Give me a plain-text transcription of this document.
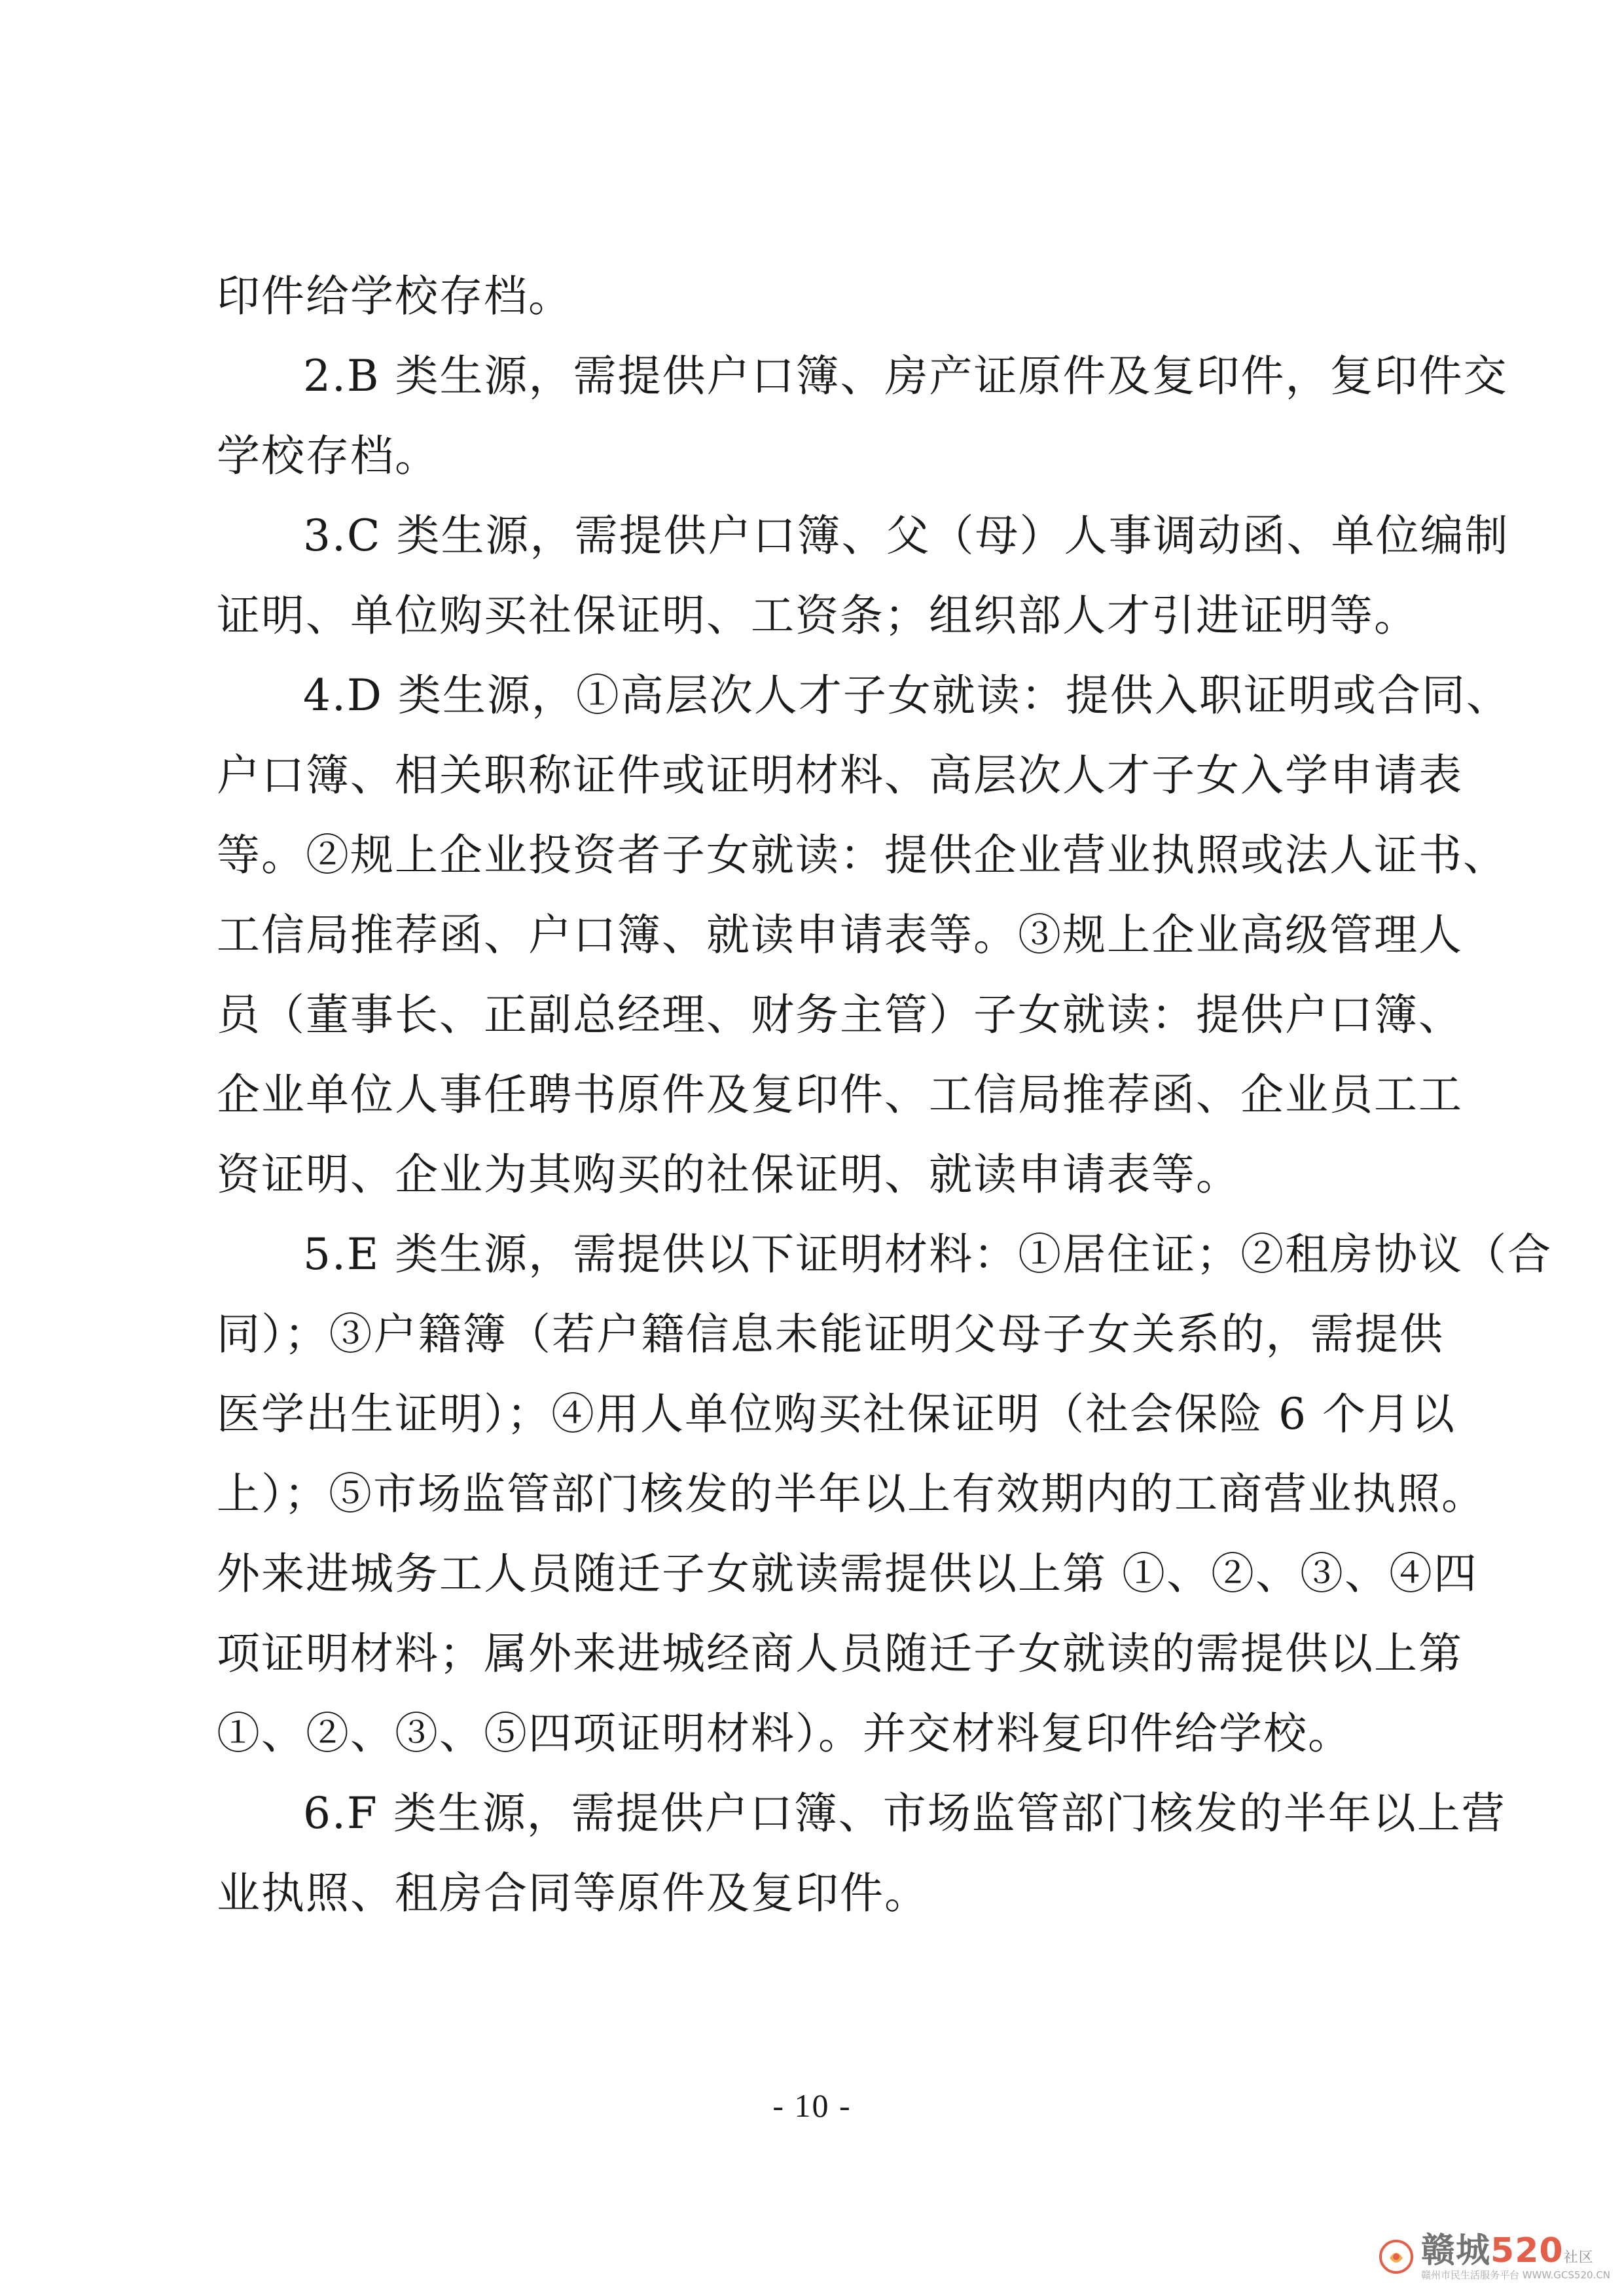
印件给学校存档。
2.B 类生源，需提供户口簿、房产证原件及复印件，复印件交
学校存档。
3.C 类生源，需提供户口簿、父（母）人事调动函、单位编制
证明、单位购买社保证明、工资条；组织部人才引进证明等。
4.D 类生源，①高层次人才子女就读：提供入职证明或合同、
户口簿、相关职称证件或证明材料、高层次人才子女入学申请表
等。②规上企业投资者子女就读：提供企业营业执照或法人证书、
工信局推荐函、户口簿、就读申请表等。③规上企业高级管理人
员（董事长、正副总经理、财务主管）子女就读：提供户口簿、
企业单位人事任聘书原件及复印件、工信局推荐函、企业员工工
资证明、企业为其购买的社保证明、就读申请表等。
5.E 类生源，需提供以下证明材料：①居住证；②租房协议（合
同）；③户籍簿（若户籍信息未能证明父母子女关系的，需提供
医学出生证明）；④用人单位购买社保证明（社会保险 6 个月以
上）；⑤市场监管部门核发的半年以上有效期内的工商营业执照。
外来进城务工人员随迁子女就读需提供以上第 ①、②、③、④四
项证明材料；属外来进城经商人员随迁子女就读的需提供以上第
①、②、③、⑤四项证明材料）。并交材料复印件给学校。
6.F 类生源，需提供户口簿、市场监管部门核发的半年以上营
业执照、租房合同等原件及复印件。
- 10 -
赣城520社区
赣州市民生活服务平台 WWW.GCS520.CN
